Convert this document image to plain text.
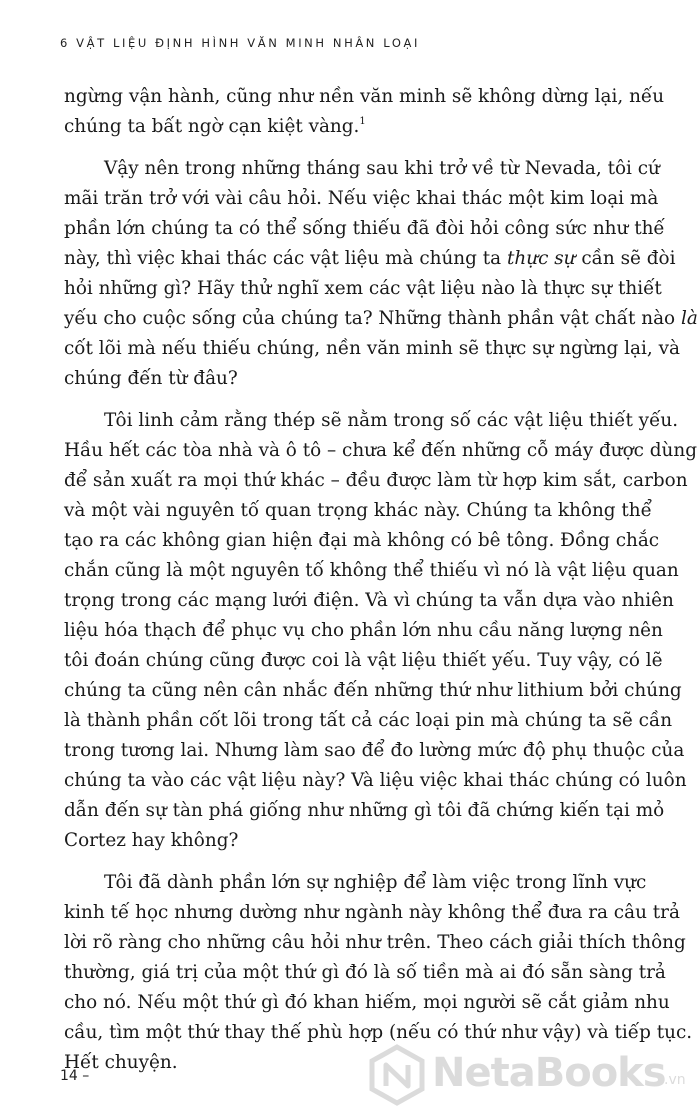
6 VẬT LIỆU ĐỊNH HÌNH VĂN MINH NHÂN LOẠI
ngừng vận hành, cũng như nền văn minh sẽ không dừng lại, nếu
chúng ta bất ngờ cạn kiệt vàng.$^1$
Vậy nên trong những tháng sau khi trở về từ Nevada, tôi cứ
mãi trăn trở với vài câu hỏi. Nếu việc khai thác một kim loại mà
phần lớn chúng ta có thể sống thiếu đã đòi hỏi công sức như thế
này, thì việc khai thác các vật liệu mà chúng ta thực sự cần sẽ đòi
hỏi những gì? Hãy thử nghĩ xem các vật liệu nào là thực sự thiết
yếu cho cuộc sống của chúng ta? Những thành phần vật chất nào là
cốt lõi mà nếu thiếu chúng, nền văn minh sẽ thực sự ngừng lại, và
chúng đến từ đâu?
Tôi linh cảm rằng thép sẽ nằm trong số các vật liệu thiết yếu.
Hầu hết các tòa nhà và ô tô – chưa kể đến những cỗ máy được dùng
để sản xuất ra mọi thứ khác – đều được làm từ hợp kim sắt, carbon
và một vài nguyên tố quan trọng khác này. Chúng ta không thể
tạo ra các không gian hiện đại mà không có bê tông. Đồng chắc
chắn cũng là một nguyên tố không thể thiếu vì nó là vật liệu quan
trọng trong các mạng lưới điện. Và vì chúng ta vẫn dựa vào nhiên
liệu hóa thạch để phục vụ cho phần lớn nhu cầu năng lượng nên
tôi đoán chúng cũng được coi là vật liệu thiết yếu. Tuy vậy, có lẽ
chúng ta cũng nên cân nhắc đến những thứ như lithium bởi chúng
là thành phần cốt lõi trong tất cả các loại pin mà chúng ta sẽ cần
trong tương lai. Nhưng làm sao để đo lường mức độ phụ thuộc của
chúng ta vào các vật liệu này? Và liệu việc khai thác chúng có luôn
dẫn đến sự tàn phá giống như những gì tôi đã chứng kiến tại mỏ
Cortez hay không?
Tôi đã dành phần lớn sự nghiệp để làm việc trong lĩnh vực
kinh tế học nhưng dường như ngành này không thể đưa ra câu trả
lời rõ ràng cho những câu hỏi như trên. Theo cách giải thích thông
thường, giá trị của một thứ gì đó là số tiền mà ai đó sẵn sàng trả
cho nó. Nếu một thứ gì đó khan hiếm, mọi người sẽ cắt giảm nhu
cầu, tìm một thứ thay thế phù hợp (nếu có thứ như vậy) và tiếp tục.
Hết chuyện.
14 –	NetaBooks
.vn
